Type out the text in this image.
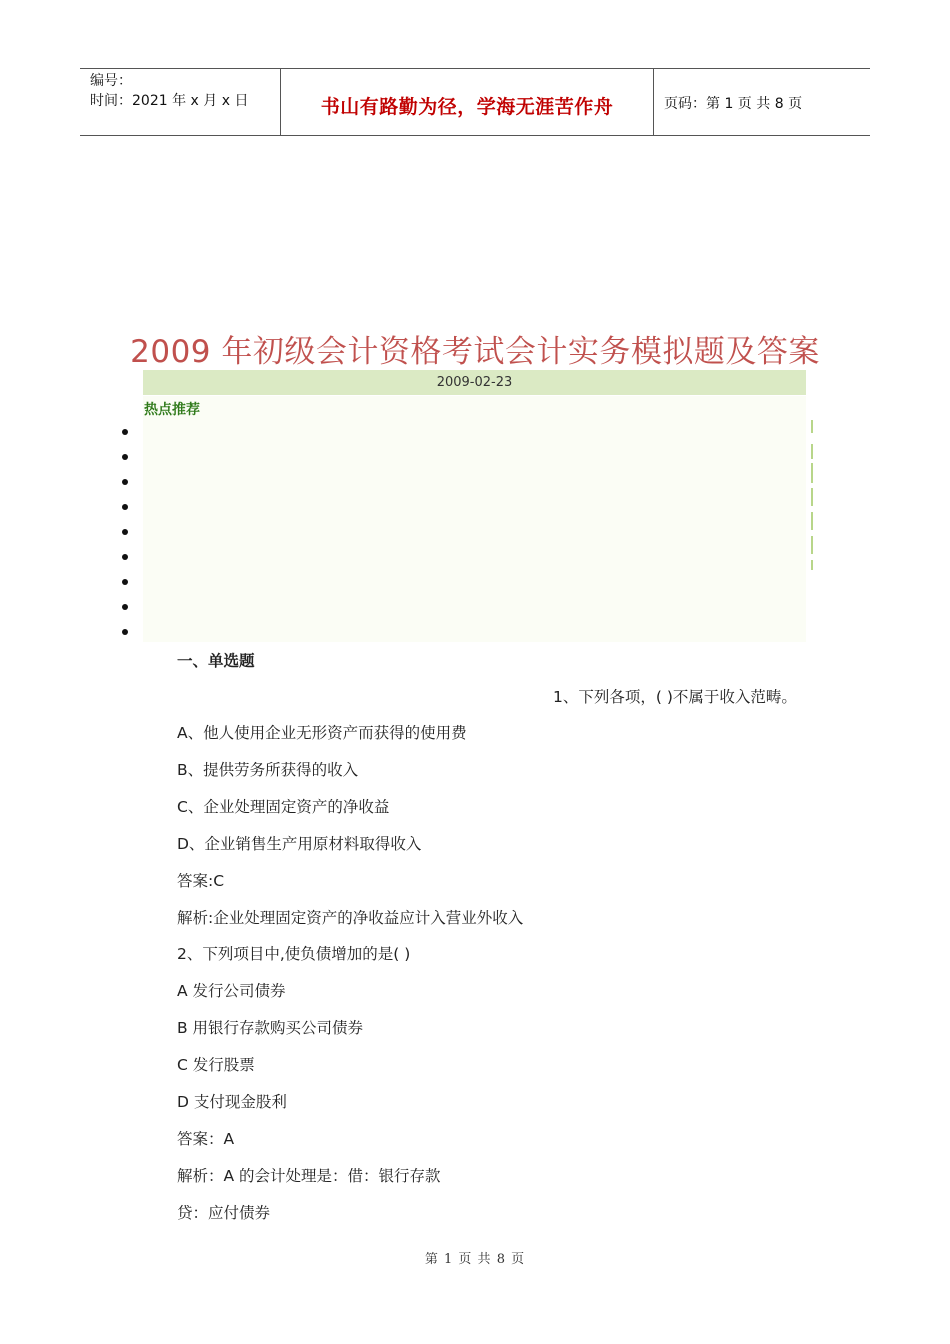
编号：
时间：2021 年 x 月 x 日	书山有路勤为径，学海无涯苦作舟	页码：第 1 页 共 8 页
2009 年初级会计资格考试会计实务模拟题及答案
2009-02-23
热点推荐
一、单选题
A、他人使用企业无形资产而获得的使用费
B、提供劳务所获得的收入
C、企业处理固定资产的净收益
D、企业销售生产用原材料取得收入
答案:C
解析:企业处理固定资产的净收益应计入营业外收入
2、下列项目中,使负债增加的是( )
A 发行公司债券
B 用银行存款购买公司债券
C 发行股票
D 支付现金股利
答案：A
解析：A 的会计处理是：借：银行存款
贷：应付债券
1、下列各项，( )不属于收入范畴。
第 1 页 共 8 页
